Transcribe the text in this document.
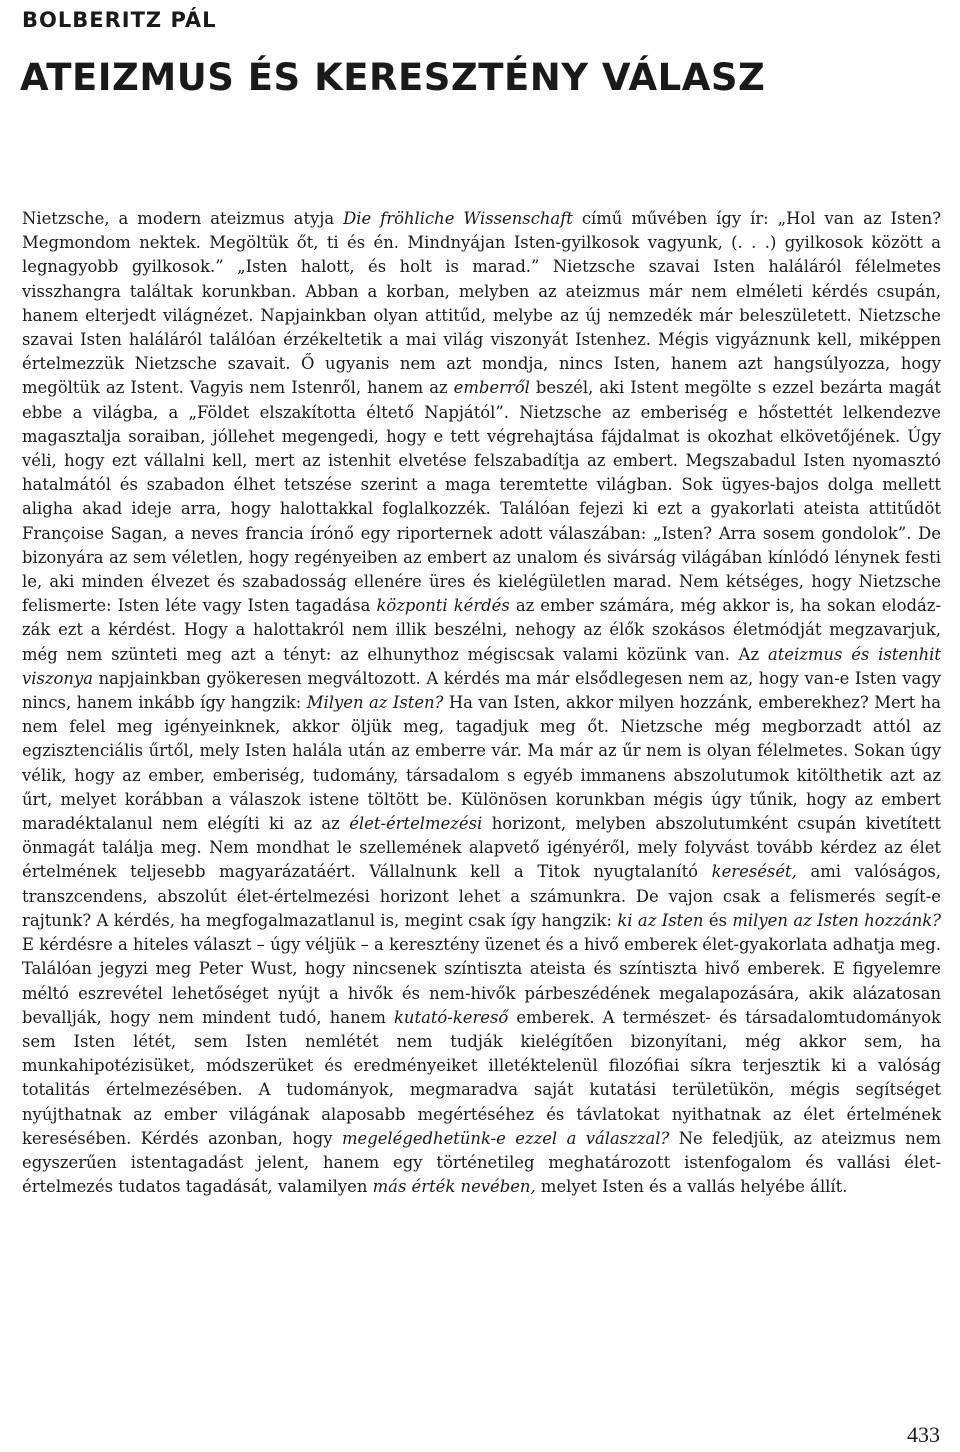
BOLBERITZ PÁL
ATEIZMUS ÉS KERESZTÉNY VÁLASZ

Nietzsche, a modern ateizmus atyja Die fröhliche Wissenschaft című művében így ír: „Hol van az Isten? Megmondom nektek. Megöltük őt, ti és én. Mindnyájan Isten-gyilkosok vagyunk, (. . .) gyilkosok között a legnagyobb gyilkosok.” „Isten halott, és holt is marad.” Nietzsche szavai Isten haláláról félelmetes visszhangra találtak korunkban. Abban a korban, melyben az ateizmus már nem elméleti kérdés csupán, hanem elterjedt világnézet. Napjainkban olyan attitűd, melybe az új nemzedék már beleszületett. Nietzsche szavai Isten haláláról találóan érzékeltetik a mai világ viszonyát Istenhez. Mégis vigyáznunk kell, miképpen értelmezzük Nietzsche szavait. Ő ugyanis nem azt mondja, nincs Isten, hanem azt hangsúlyozza, hogy megöltük az Istent. Vagyis nem Istenről, hanem az emberről beszél, aki Istent megölte s ezzel bezárta magát ebbe a világba, a „Földet elszakította éltető Napjától”. Nietzsche az emberiség e hőstettét lelkendezve magasztalja soraiban, jóllehet megengedi, hogy e tett végrehajtása fájdalmat is okozhat elkövetőjének. Úgy véli, hogy ezt vállalni kell, mert az istenhit elvetése felszabadítja az embert. Megszabadul Isten nyomasztó hatalmától és szabadon élhet tetszése szerint a maga teremtette világban. Sok ügyes-bajos dolga mellett aligha akad ideje arra, hogy halottakkal foglalkozzék. Találóan fejezi ki ezt a gyakorlati ateista attitűdöt Françoise Sagan, a neves francia írónő egy riporternek adott válaszában: „Isten? Arra sosem gondolok”. De bizonyára az sem véletlen, hogy regényeiben az embert az unalom és sivárság világában kínlódó lénynek festi le, aki minden élvezet és szabadosság ellenére üres és kielégületlen marad. Nem kétséges, hogy Nietzsche felismerte: Isten léte vagy Isten tagadása központi kérdés az ember számára, még akkor is, ha sokan elodázzák ezt a kérdést. Hogy a halottakról nem illik beszélni, nehogy az élők szokásos életmódját megzavarjuk, még nem szünteti meg azt a tényt: az elhunythoz mégiscsak valami közünk van. Az ateizmus és istenhit viszonya napjainkban gyökeresen megváltozott. A kérdés ma már elsődlegesen nem az, hogy van-e Isten vagy nincs, hanem inkább így hangzik: Milyen az Isten? Ha van Isten, akkor milyen hozzánk, emberekhez? Mert ha nem felel meg igényeinknek, akkor öljük meg, tagadjuk meg őt. Nietzsche még megborzadt attól az egzisztenciális űrtől, mely Isten halála után az emberre vár. Ma már az űr nem is olyan félelmetes. Sokan úgy vélik, hogy az ember, emberiség, tudomány, társadalom s egyéb immanens abszolutumok kitölthetik azt az űrt, melyet korábban a válaszok istene töltött be. Különösen korunkban mégis úgy tűnik, hogy az embert maradéktalanul nem elégíti ki az az élet-értelmezési horizont, melyben abszolutumként csupán kivetített önmagát találja meg. Nem mondhat le szellemének alapvető igényéről, mely folyvást tovább kérdez az élet értelmének teljesebb magyarázatáért. Vállalnunk kell a Titok nyugtalanító keresését, ami valóságos, transzcendens, abszolút élet-értelmezési horizont lehet a számunkra. De vajon csak a felismerés segít-e rajtunk? A kérdés, ha megfogalmazatlanul is, megint csak így hangzik: ki az Isten és milyen az Isten hozzánk? E kérdésre a hiteles választ – úgy véljük – a keresztény üzenet és a hivő emberek élet-gyakorlata adhatja meg. Találóan jegyzi meg Peter Wust, hogy nincsenek színtiszta ateista és színtiszta hivő emberek. E figyelemre méltó eszrevétel lehetőséget nyújt a hivők és nem-hivők párbeszédének megalapozására, akik alázatosan bevallják, hogy nem mindent tudó, hanem kutató-kereső emberek. A természet- és társadalomtudományok sem Isten létét, sem Isten nemlétét nem tudják kielégítően bizonyítani, még akkor sem, ha munkahipotézisüket, módszerüket és eredményeiket illetéktelenül filozófiai síkra terjesztik ki a valóság totalitás értelmezésében. A tudományok, megmaradva saját kutatási területükön, mégis segítséget nyújthatnak az ember világának alaposabb megértéséhez és távlatokat nyithatnak az élet értelmének keresésében. Kérdés azonban, hogy megelégedhetünk-e ezzel a válaszzal? Ne feledjük, az ateizmus nem egyszerűen istentagadást jelent, hanem egy történetileg meghatározott istenfogalom és vallási élet-értelmezés tudatos tagadását, valamilyen más érték nevében, melyet Isten és a vallás helyébe állít.

433
